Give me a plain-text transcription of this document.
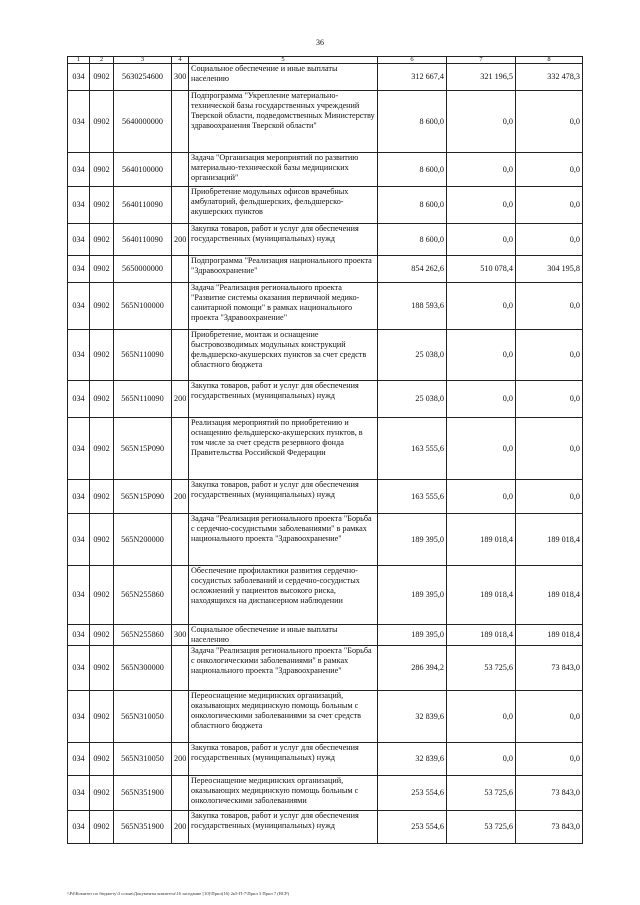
36
1	2	3	4	5	6	7	8
034	0902	5630254600	300	Социальное обеспечение и иные выплаты населению	312 667,4	321 196,5	332 478,3
034	0902	5640000000		Подпрограмма "Укрепление материально-технической базы государственных учреждений Тверской области, подведомственных Министерству здравоохранения Тверской области"	8 600,0	0,0	0,0
034	0902	5640100000		Задача "Организация мероприятий по развитию материально-технической базы медицинских организаций"	8 600,0	0,0	0,0
034	0902	5640110090		Приобретение модульных офисов врачебных амбулаторий, фельдшерских, фельдшерско-акушерских пунктов	8 600,0	0,0	0,0
034	0902	5640110090	200	Закупка товаров, работ и услуг для обеспечения государственных (муниципальных) нужд	8 600,0	0,0	0,0
034	0902	5650000000		Подпрограмма "Реализация национального проекта "Здравоохранение"	854 262,6	510 078,4	304 195,8
034	0902	565N100000		Задача "Реализация регионального проекта "Развитие системы оказания первичной медико-санитарной помощи" в рамках национального проекта "Здравоохранение"	188 593,6	0,0	0,0
034	0902	565N110090		Приобретение, монтаж и оснащение быстровозводимых модульных конструкций фельдшерско-акушерских пунктов за счет средств областного бюджета	25 038,0	0,0	0,0
034	0902	565N110090	200	Закупка товаров, работ и услуг для обеспечения государственных (муниципальных) нужд	25 038,0	0,0	0,0
034	0902	565N15P090		Реализация мероприятий по приобретению и оснащению фельдшерско-акушерских пунктов, в том числе за счет средств резервного фонда Правительства Российской Федерации	163 555,6	0,0	0,0
034	0902	565N15P090	200	Закупка товаров, работ и услуг для обеспечения государственных (муниципальных) нужд	163 555,6	0,0	0,0
034	0902	565N200000		Задача "Реализация регионального проекта "Борьба с сердечно-сосудистыми заболеваниями" в рамках национального проекта "Здравоохранение"	189 395,0	189 018,4	189 018,4
034	0902	565N255860		Обеспечение профилактики развития сердечно-сосудистых заболеваний и сердечно-сосудистых осложнений у пациентов высокого риска, находящихся на диспансерном наблюдении	189 395,0	189 018,4	189 018,4
034	0902	565N255860	300	Социальное обеспечение и иные выплаты населению	189 395,0	189 018,4	189 018,4
034	0902	565N300000		Задача "Реализация регионального проекта "Борьба с онкологическими заболеваниями" в рамках национального проекта "Здравоохранение"	286 394,2	53 725,6	73 843,0
034	0902	565N310050		Переоснащение медицинских организаций, оказывающих медицинскую помощь больным с онкологическими заболеваниями за счет средств областного бюджета	32 839,6	0,0	0,0
034	0902	565N310050	200	Закупка товаров, работ и услуг для обеспечения государственных (муниципальных) нужд	32 839,6	0,0	0,0
034	0902	565N351900		Переоснащение медицинских организаций, оказывающих медицинскую помощь больным с онкологическими заболеваниями	253 554,6	53 725,6	73 843,0
034	0902	565N351900	200	Закупка товаров, работ и услуг для обеспечения государственных (муниципальных) нужд	253 554,6	53 725,6	73 843,0
\\Pd\Комитет по бюджету\3 созыв\Документы комитета\16 заседание [10]\Прил(16) 2к5-П-7\Прил 3 Прил 7 (ВСР)
